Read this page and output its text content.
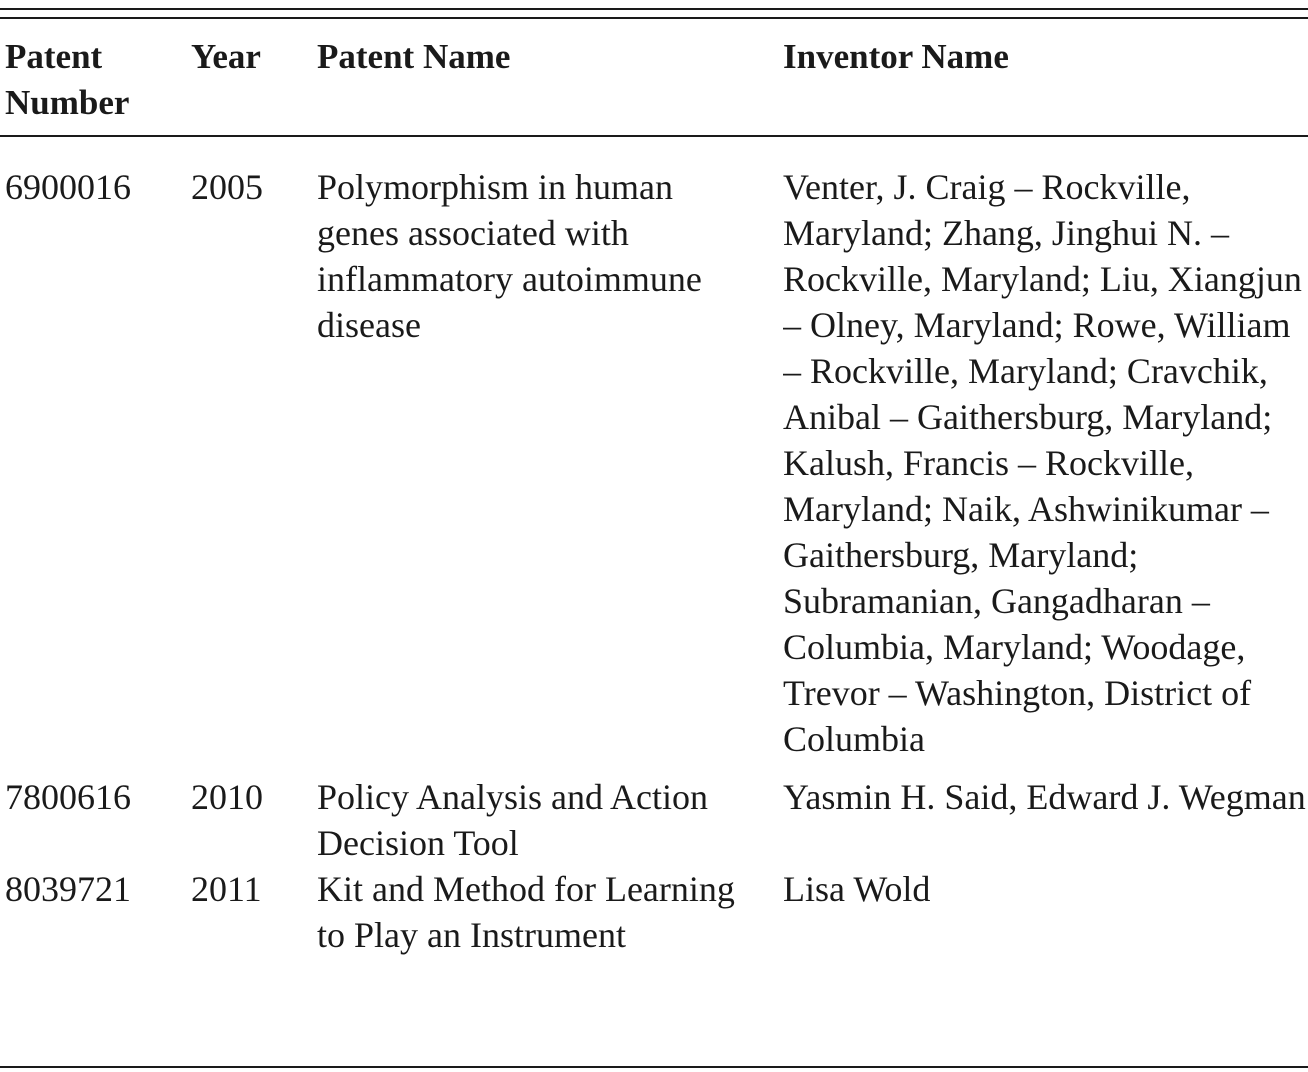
Patent Number	Year	Patent Name	Inventor Name
6900016	2005	Polymorphism in human genes associated with inflammatory autoimmune disease	Venter, J. Craig – Rockville, Maryland; Zhang, Jinghui N. – Rockville, Maryland; Liu, Xiangjun – Olney, Maryland; Rowe, William – Rockville, Maryland; Cravchik, Anibal – Gaithersburg, Maryland; Kalush, Francis – Rockville, Maryland; Naik, Ashwinikumar – Gaithersburg, Maryland; Subramanian, Gangadharan – Columbia, Maryland; Woodage, Trevor – Washington, District of Columbia
7800616	2010	Policy Analysis and Action Decision Tool	Yasmin H. Said, Edward J. Wegman
8039721	2011	Kit and Method for Learning to Play an Instrument	Lisa Wold
